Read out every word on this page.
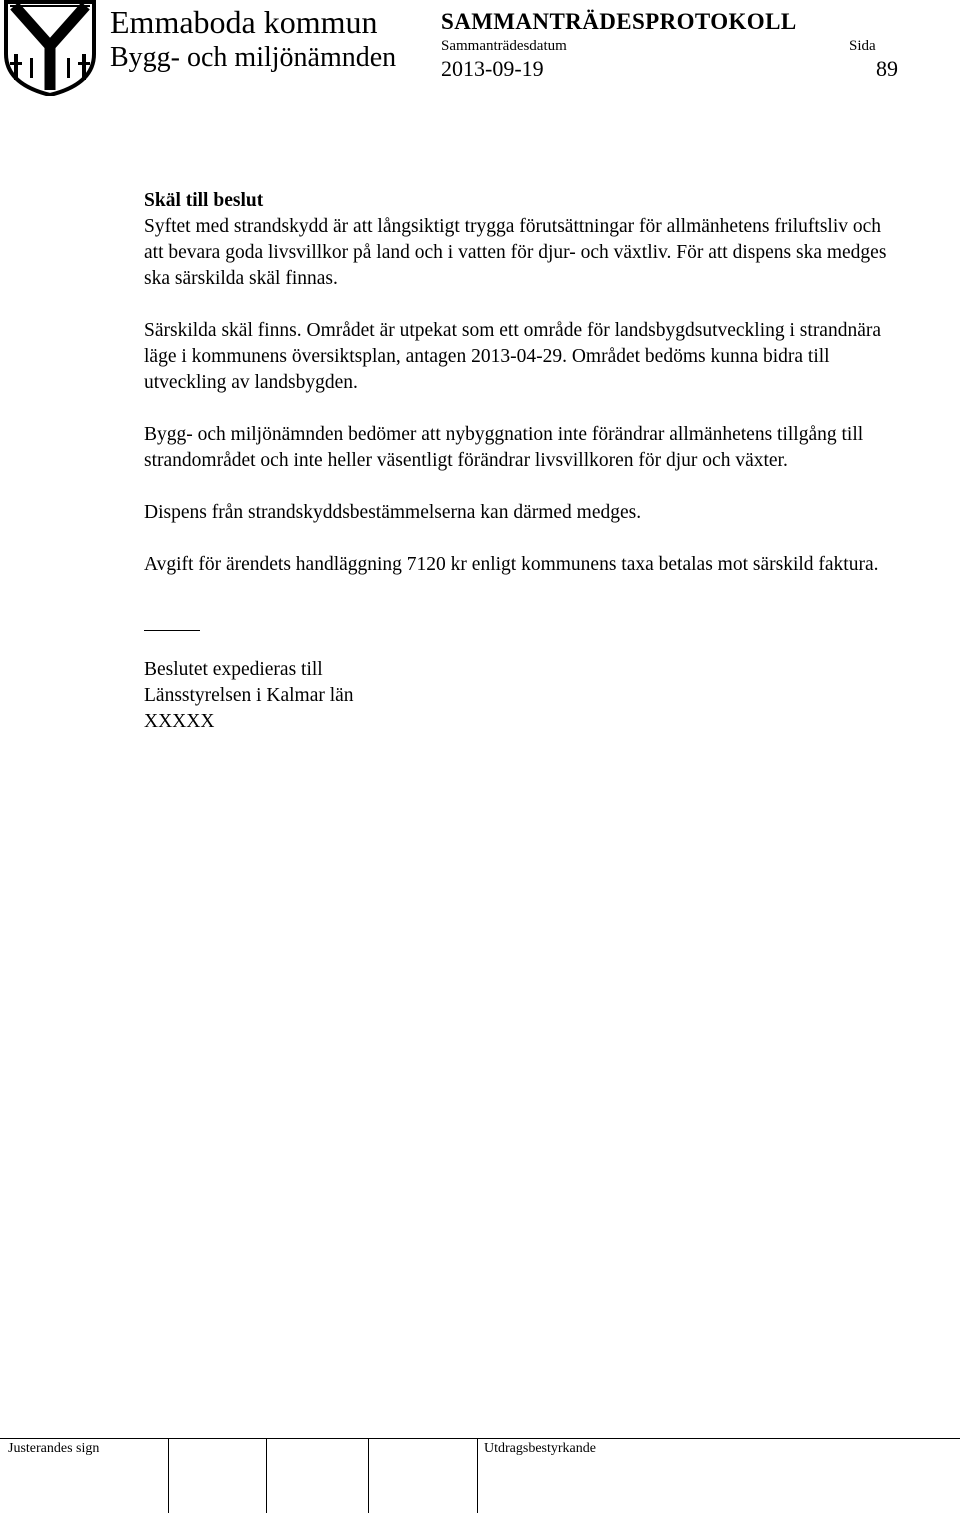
Emmaboda kommun
Bygg- och miljönämnden
SAMMANTRÄDESPROTOKOLL
Sammanträdesdatum	Sida
2013-09-19	89

Skäl till beslut

Syftet med strandskydd är att långsiktigt trygga förutsättningar för allmänhetens friluftsliv och att bevara goda livsvillkor på land och i vatten för djur- och växtliv. För att dispens ska medges ska särskilda skäl finnas.

Särskilda skäl finns. Området är utpekat som ett område för landsbygdsutveckling i strandnära läge i kommunens översiktsplan, antagen 2013-04-29. Området bedöms kunna bidra till utveckling av landsbygden.

Bygg- och miljönämnden bedömer att nybyggnation inte förändrar allmänhetens tillgång till strandområdet och inte heller väsentligt förändrar livsvillkoren för djur och växter.

Dispens från strandskyddsbestämmelserna kan därmed medges.

Avgift för ärendets handläggning 7120 kr enligt kommunens taxa betalas mot särskild faktura.

Beslutet expedieras till

Länsstyrelsen i Kalmar län

XXXXX

Justerandes sign	Utdragsbestyrkande
